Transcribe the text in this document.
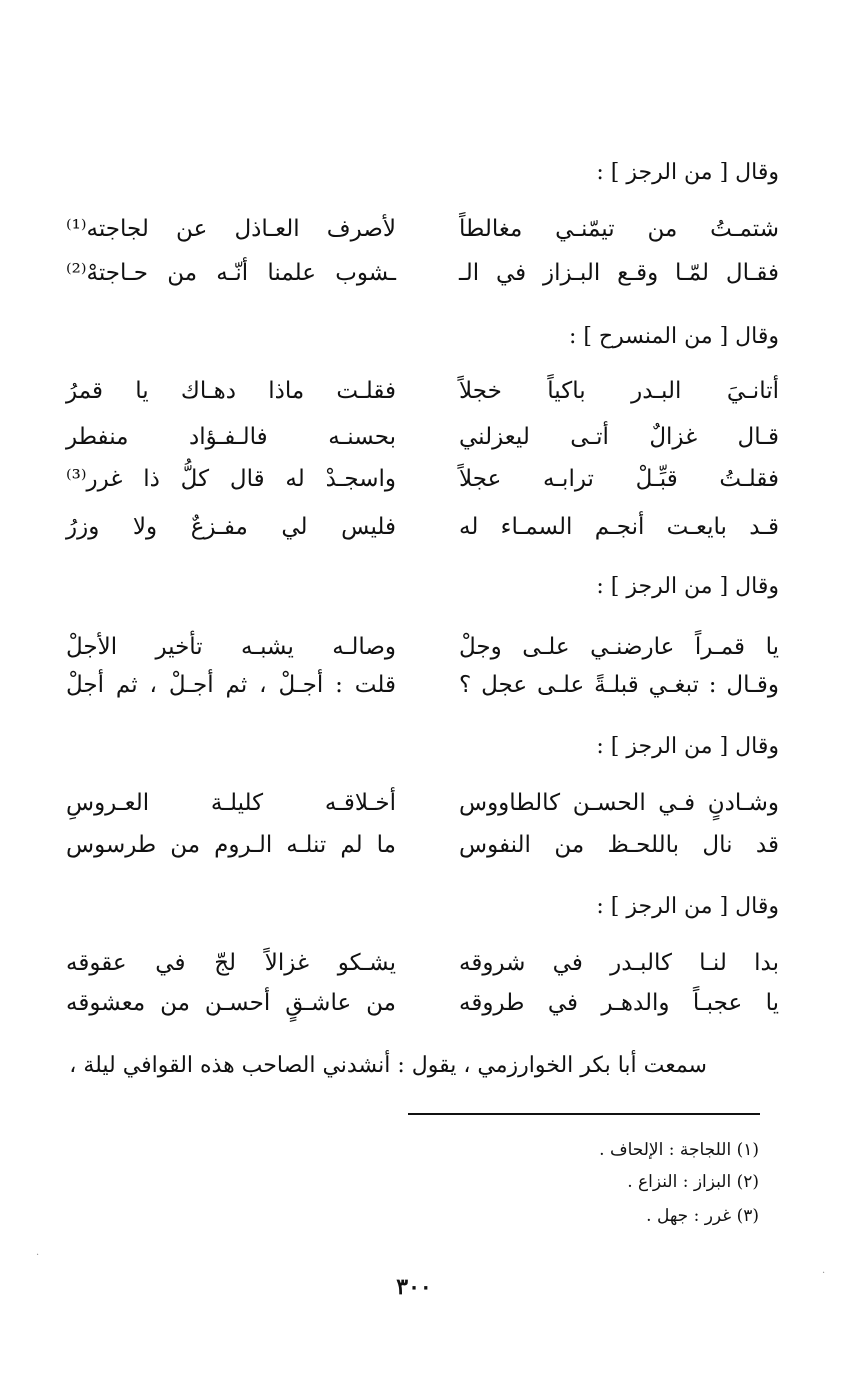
وقال [ من الرجز ] :
شتمـتُ من تيمّنـي مغالطاً
لأصرف العـاذل عن لجاجته⁽¹⁾
فقـال لمّـا وقـع البـزاز في الـ
ـشوب علمنا أنّـه من حـاجتهْ⁽²⁾
وقال [ من المنسرح ] :
أتانـيَ البـدر باكياً خجلاً
فقلـت ماذا دهـاك يا قمرُ
قـال غزالٌ أتـى ليعزلني
بحسنـه فالـفـؤاد منفطر
فقلـتُ قبِّـلْ ترابـه عجلاً
واسجـدْ له قال كلُّ ذا غرر⁽³⁾
قـد بايعـت أنجـم السمـاء له
فليس لي مفـزعٌ ولا وزرُ
وقال [ من الرجز ] :
يا قمـراً عارضنـي علـى وجلْ
وصالـه يشبـه تأخير الأجلْ
وقـال : تبغـي قبلـةً علـى عجل ؟
قلت : أجـلْ ، ثم أجـلْ ، ثم أجلْ
وقال [ من الرجز ] :
وشـادنٍ فـي الحسـن كالطاووس
أخـلاقـه كليلـة العـروسِ
قد نال باللحـظ من النفوس
ما لم تنلـه الـروم من طرسوس
وقال [ من الرجز ] :
بدا لنـا كالبـدر في شروقه
يشـكو غزالاً لجّ في عقوقه
يا عجبـاً والدهـر في طروقه
من عاشـقٍ أحسـن من معشوقه
سمعت أبا بكر الخوارزمي ، يقول : أنشدني الصاحب هذه القوافي ليلة ،
(١) اللجاجة : الإلحاف .
(٢) البزاز : النزاع .
(٣) غرر : جهل .
٣٠٠
·
·
